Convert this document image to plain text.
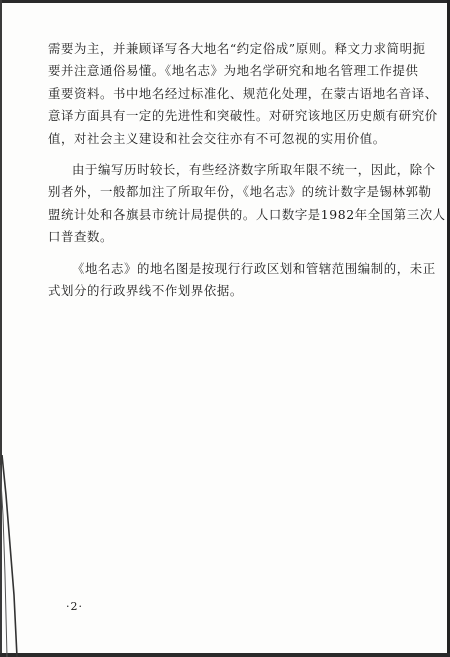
需要为主，并兼顾译写各大地名“约定俗成”原则。释文力求简明扼
要并注意通俗易懂。《地名志》为地名学研究和地名管理工作提供
重要资料。书中地名经过标准化、规范化处理，在蒙古语地名音译、
意译方面具有一定的先进性和突破性。对研究该地区历史颇有研究价
值，对社会主义建设和社会交往亦有不可忽视的实用价值。

由于编写历时较长，有些经济数字所取年限不统一，因此，除个
别者外，一般都加注了所取年份，《地名志》的统计数字是锡林郭勒
盟统计处和各旗县市统计局提供的。人口数字是1982年全国第三次人
口普查数。

《地名志》的地名图是按现行行政区划和管辖范围编制的，未正
式划分的行政界线不作划界依据。

·2·
